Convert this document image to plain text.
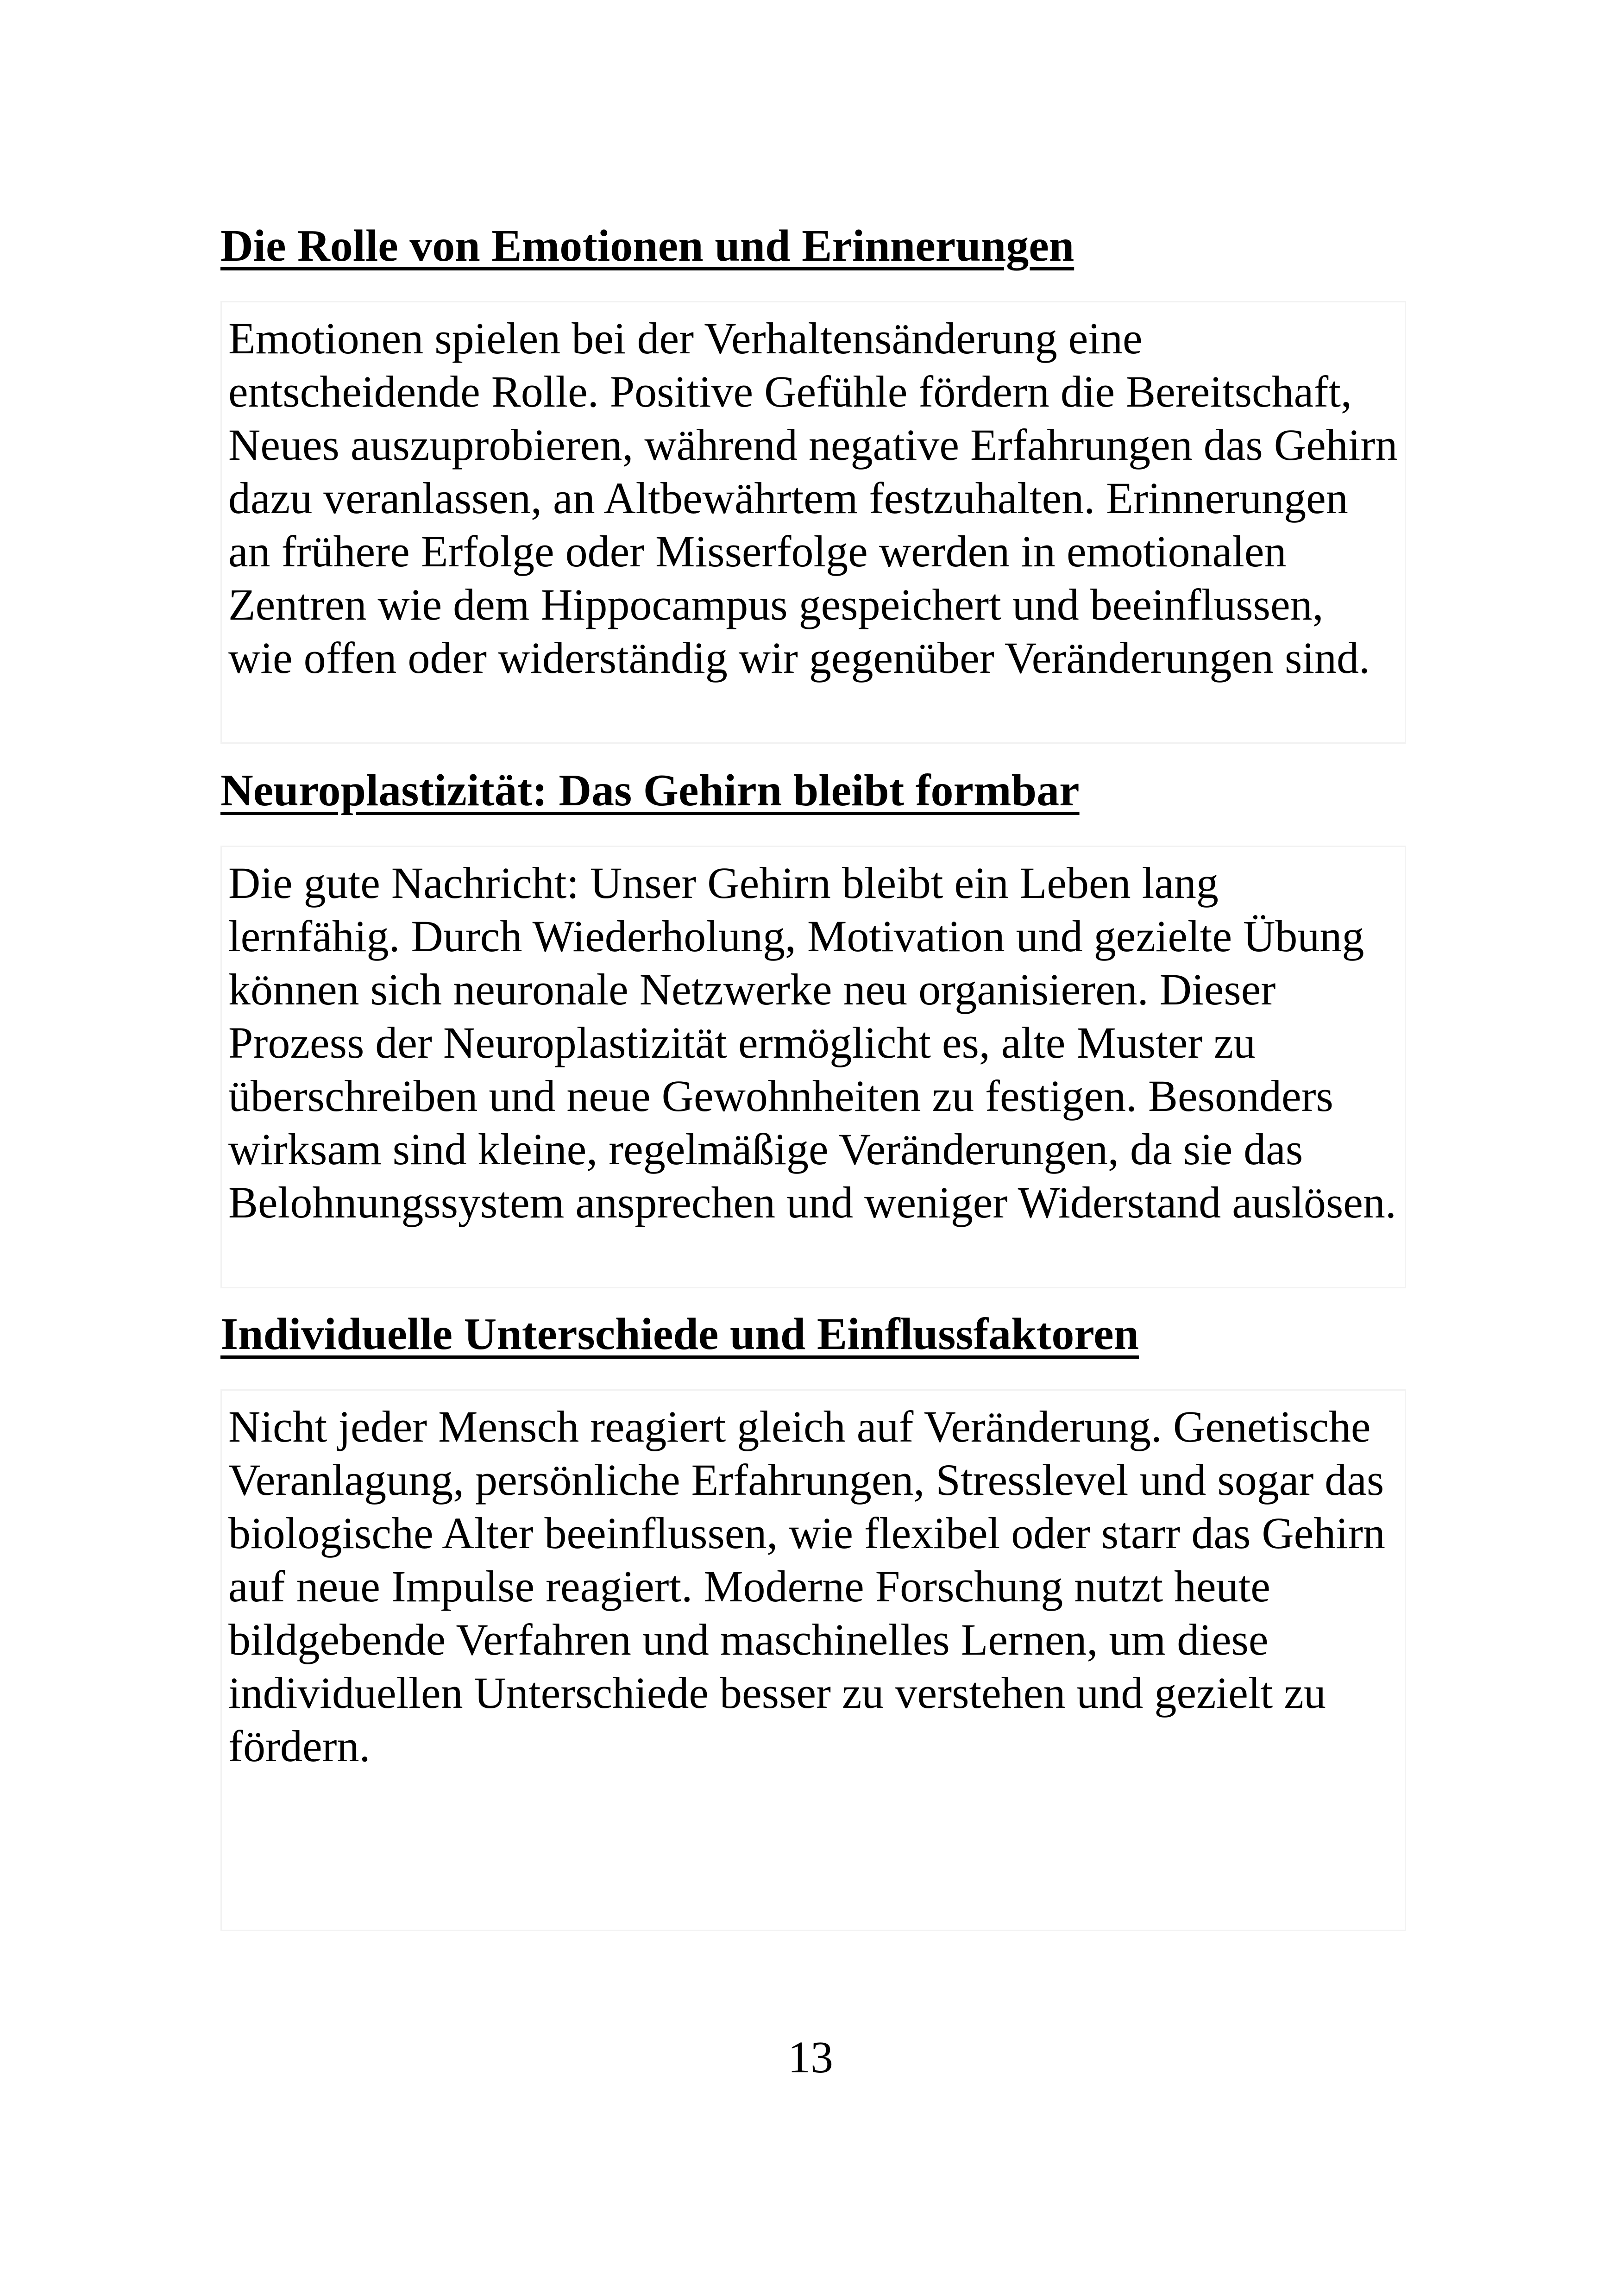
Die Rolle von Emotionen und Erinnerungen

Emotionen spielen bei der Verhaltensänderung eine entscheidende Rolle. Positive Gefühle fördern die Bereitschaft, Neues auszuprobieren, während negative Erfahrungen das Gehirn dazu veranlassen, an Altbewährtem festzuhalten. Erinnerungen an frühere Erfolge oder Misserfolge werden in emotionalen Zentren wie dem Hippocampus gespeichert und beeinflussen, wie offen oder widerständig wir gegenüber Veränderungen sind.

Neuroplastizität: Das Gehirn bleibt formbar

Die gute Nachricht: Unser Gehirn bleibt ein Leben lang lernfähig. Durch Wiederholung, Motivation und gezielte Übung können sich neuronale Netzwerke neu organisieren. Dieser Prozess der Neuroplastizität ermöglicht es, alte Muster zu überschreiben und neue Gewohnheiten zu festigen. Besonders wirksam sind kleine, regelmäßige Veränderungen, da sie das Belohnungssystem ansprechen und weniger Widerstand auslösen.

Individuelle Unterschiede und Einflussfaktoren

Nicht jeder Mensch reagiert gleich auf Veränderung. Genetische Veranlagung, persönliche Erfahrungen, Stresslevel und sogar das biologische Alter beeinflussen, wie flexibel oder starr das Gehirn auf neue Impulse reagiert. Moderne Forschung nutzt heute bildgebende Verfahren und maschinelles Lernen, um diese individuellen Unterschiede besser zu verstehen und gezielt zu fördern.

13
